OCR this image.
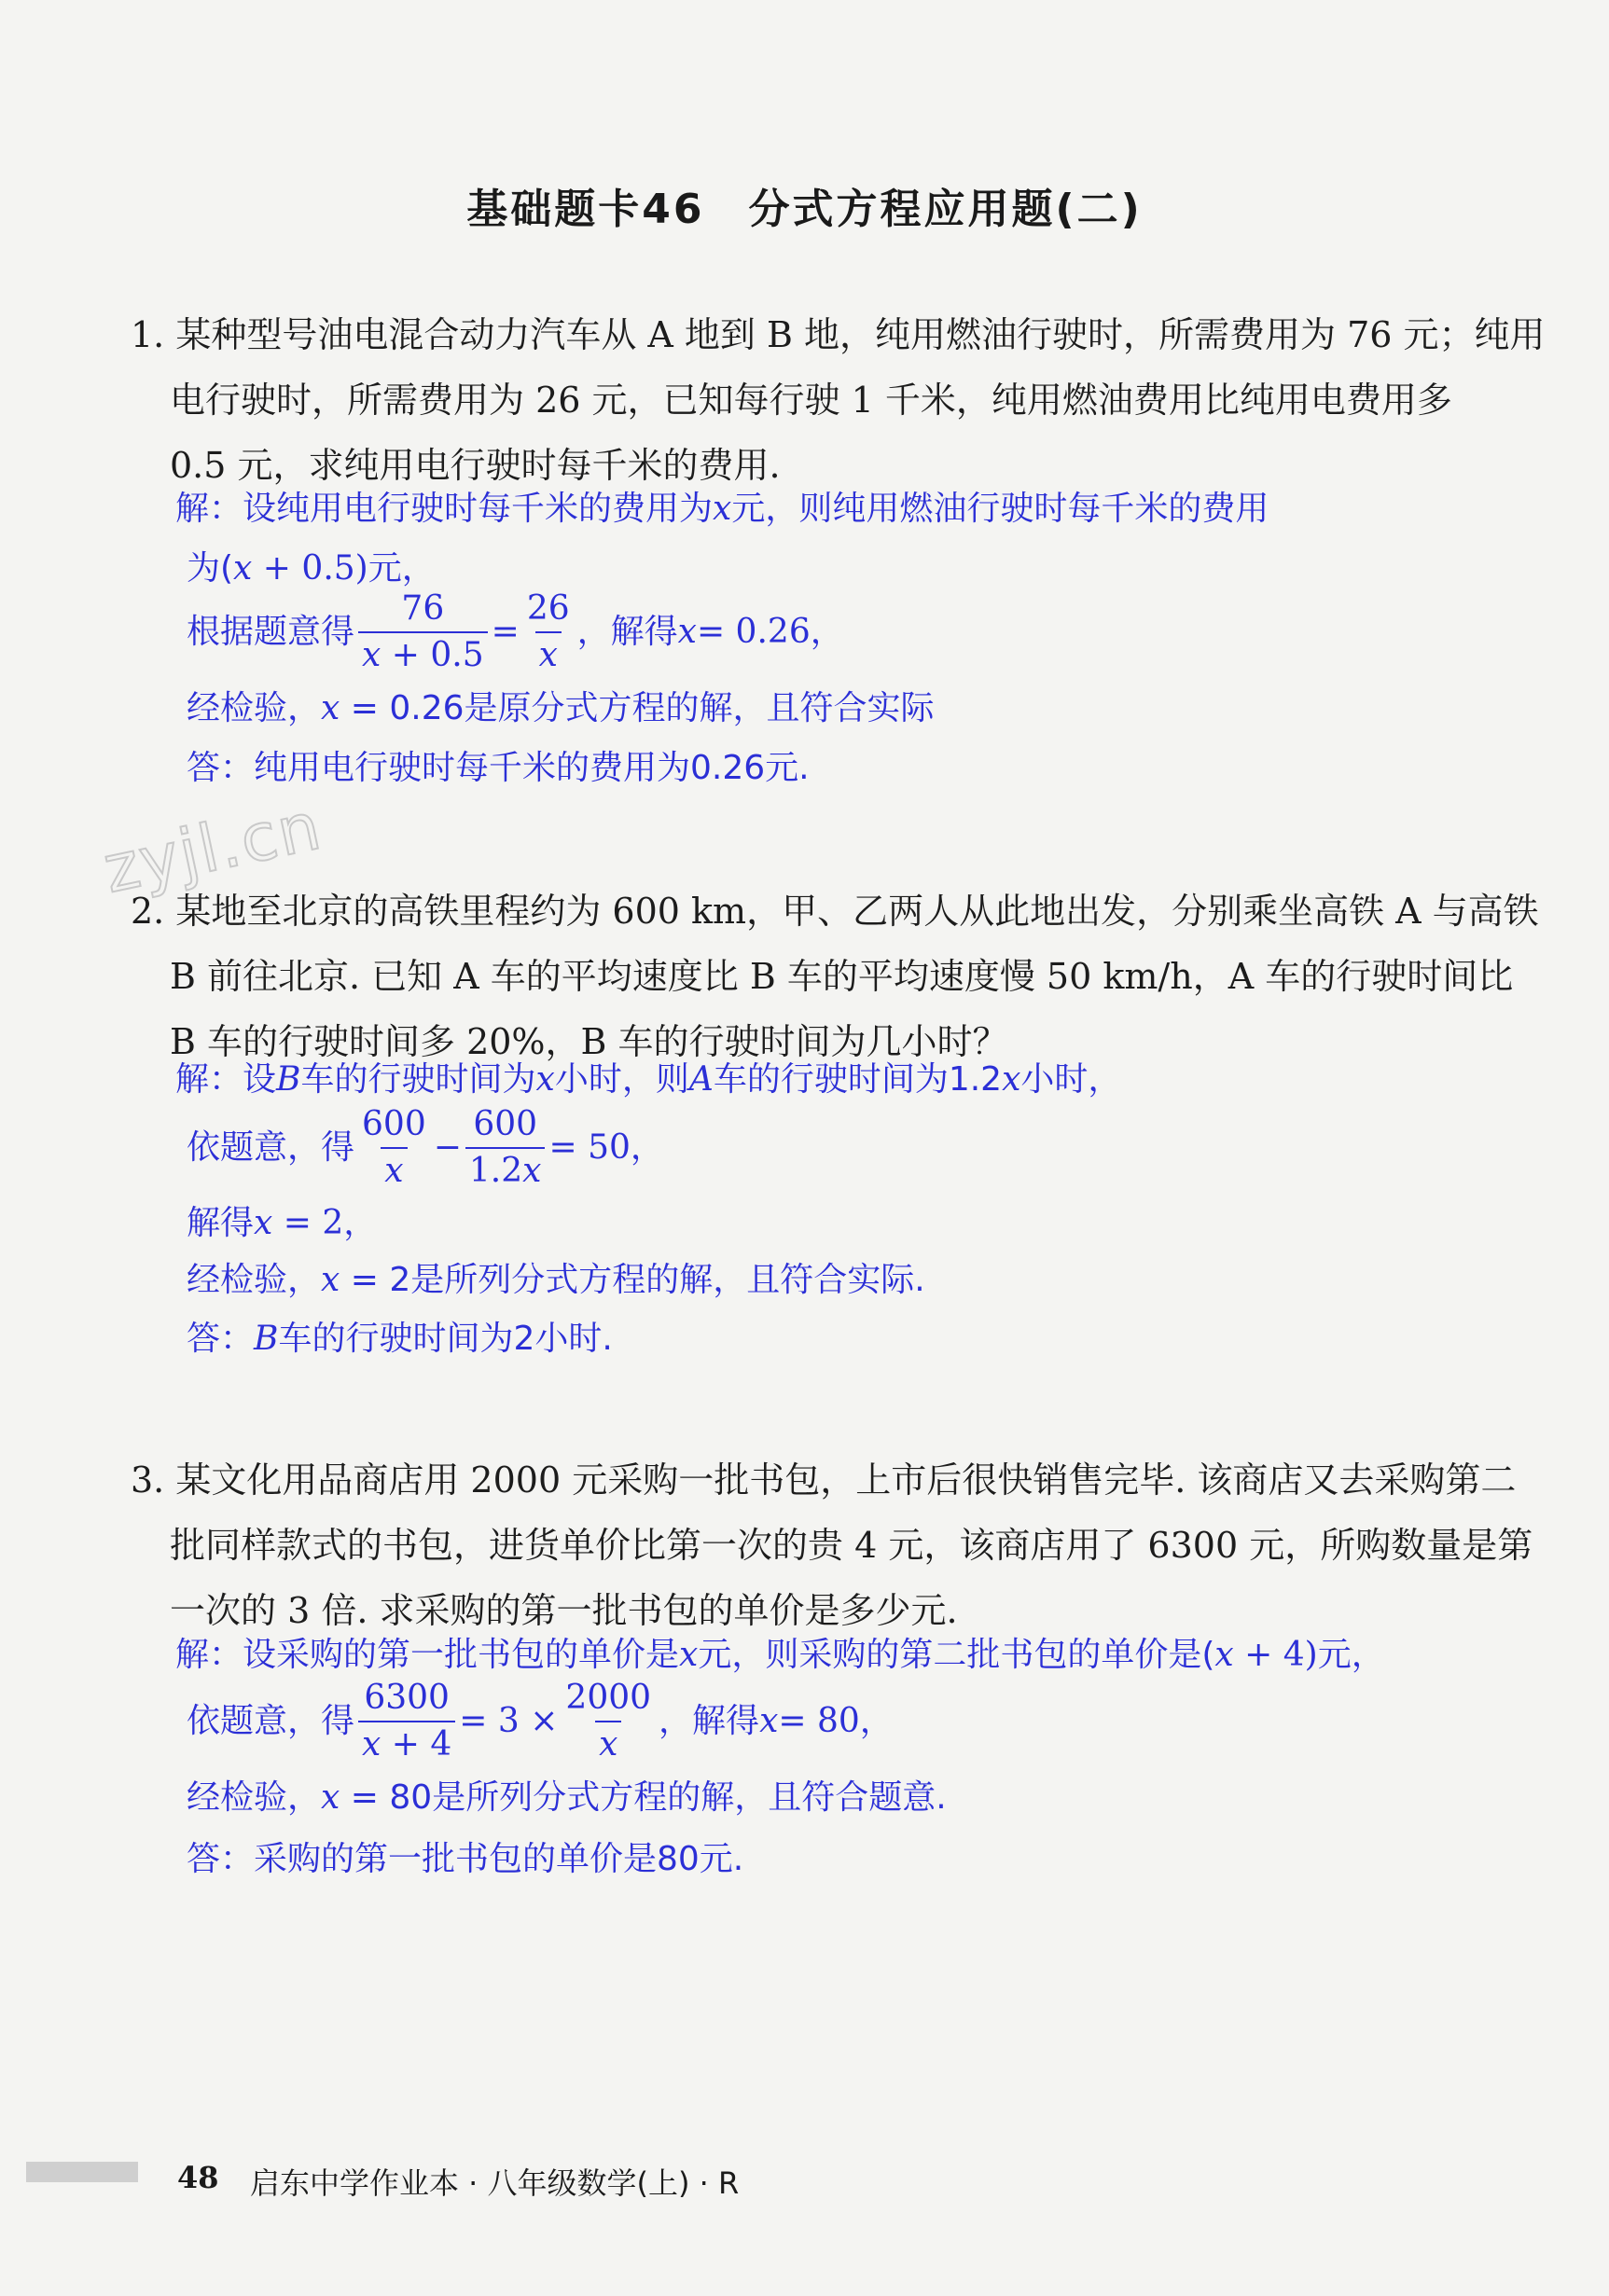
基础题卡46　分式方程应用题(二)
zyjl.cn
1. 某种型号油电混合动力汽车从 A 地到 B 地，纯用燃油行驶时，所需费用为 76 元；纯用
电行驶时，所需费用为 26 元，已知每行驶 1 千米，纯用燃油费用比纯用电费用多
0.5 元，求纯用电行驶时每千米的费用.
解：设纯用电行驶时每千米的费用为x元，则纯用燃油行驶时每千米的费用
为(x + 0.5)元，
根据题意得 $\frac{76}{x + 0.5} = \frac{26}{x}$ ，解得 x = 0.26，
经检验，x = 0.26是原分式方程的解，且符合实际
答：纯用电行驶时每千米的费用为0.26元.
2. 某地至北京的高铁里程约为 600 km，甲、乙两人从此地出发，分别乘坐高铁 A 与高铁
B 前往北京. 已知 A 车的平均速度比 B 车的平均速度慢 50 km/h，A 车的行驶时间比
B 车的行驶时间多 20%，B 车的行驶时间为几小时？
解：设B车的行驶时间为x小时，则A车的行驶时间为1.2x小时，
依题意，得 $\frac{600}{x} - \frac{600}{1.2x} = 50$，
解得x = 2，
经检验，x = 2是所列分式方程的解，且符合实际.
答：B车的行驶时间为2小时.
3. 某文化用品商店用 2000 元采购一批书包，上市后很快销售完毕. 该商店又去采购第二
批同样款式的书包，进货单价比第一次的贵 4 元，该商店用了 6300 元，所购数量是第
一次的 3 倍. 求采购的第一批书包的单价是多少元.
解：设采购的第一批书包的单价是x元，则采购的第二批书包的单价是(x + 4)元，
依题意，得 $\frac{6300}{x + 4} = 3 \times \frac{2000}{x}$ ，解得 x = 80，
经检验，x = 80是所列分式方程的解，且符合题意.
答：采购的第一批书包的单价是80元.
48 启东中学作业本 · 八年级数学(上) · R
